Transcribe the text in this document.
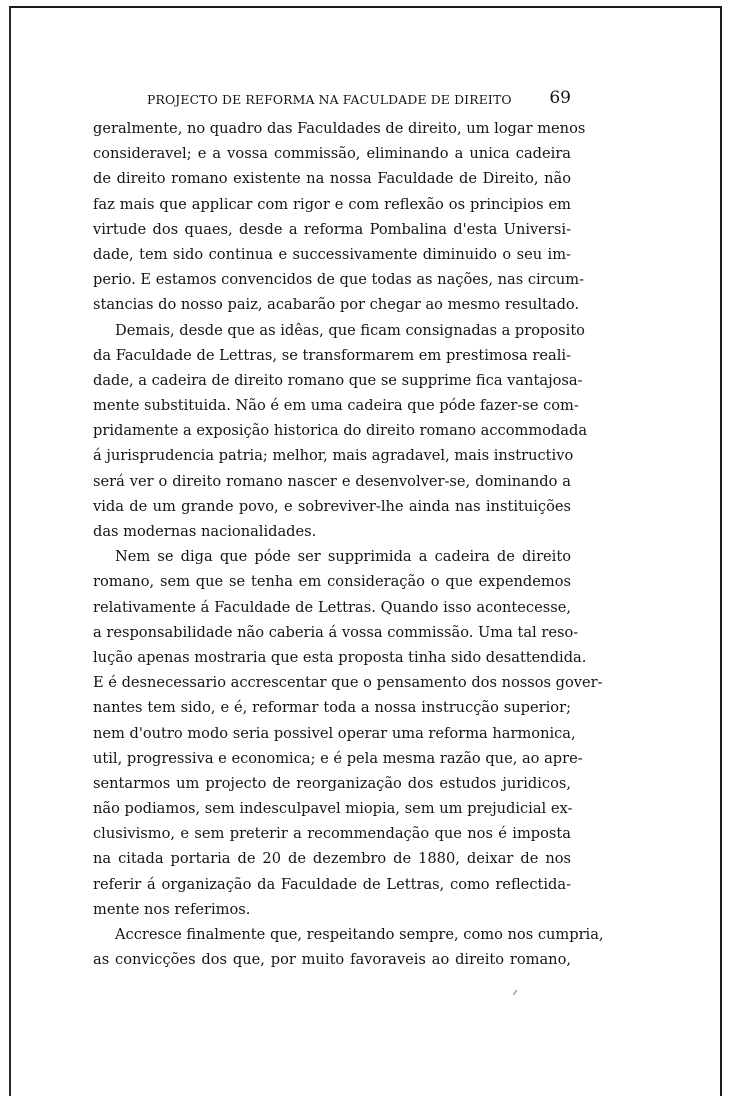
PROJECTO DE REFORMA NA FACULDADE DE DIREITO 69
geralmente, no quadro das Faculdades de direito, um logar menos
consideravel; e a vossa commissão, eliminando a unica cadeira
de direito romano existente na nossa Faculdade de Direito, não
faz mais que applicar com rigor e com reflexão os principios em
virtude dos quaes, desde a reforma Pombalina d'esta Universi-
dade, tem sido continua e successivamente diminuido o seu im-
perio. E estamos convencidos de que todas as nações, nas circum-
stancias do nosso paiz, acabarão por chegar ao mesmo resultado.
Demais, desde que as idêas, que ficam consignadas a proposito
da Faculdade de Lettras, se transformarem em prestimosa reali-
dade, a cadeira de direito romano que se supprime fica vantajosa-
mente substituida. Não é em uma cadeira que póde fazer-se com-
pridamente a exposição historica do direito romano accommodada
á jurisprudencia patria; melhor, mais agradavel, mais instructivo
será ver o direito romano nascer e desenvolver-se, dominando a
vida de um grande povo, e sobreviver-lhe ainda nas instituições
das modernas nacionalidades.
Nem se diga que póde ser supprimida a cadeira de direito
romano, sem que se tenha em consideração o que expendemos
relativamente á Faculdade de Lettras. Quando isso acontecesse,
a responsabilidade não caberia á vossa commissão. Uma tal reso-
lução apenas mostraria que esta proposta tinha sido desattendida.
E é desnecessario accrescentar que o pensamento dos nossos gover-
nantes tem sido, e é, reformar toda a nossa instrucção superior;
nem d'outro modo seria possivel operar uma reforma harmonica,
util, progressiva e economica; e é pela mesma razão que, ao apre-
sentarmos um projecto de reorganização dos estudos juridicos,
não podiamos, sem indesculpavel miopia, sem um prejudicial ex-
clusivismo, e sem preterir a recommendação que nos é imposta
na citada portaria de 20 de dezembro de 1880, deixar de nos
referir á organização da Faculdade de Lettras, como reflectida-
mente nos referimos.
Accresce finalmente que, respeitando sempre, como nos cumpria,
as convicções dos que, por muito favoraveis ao direito romano,
